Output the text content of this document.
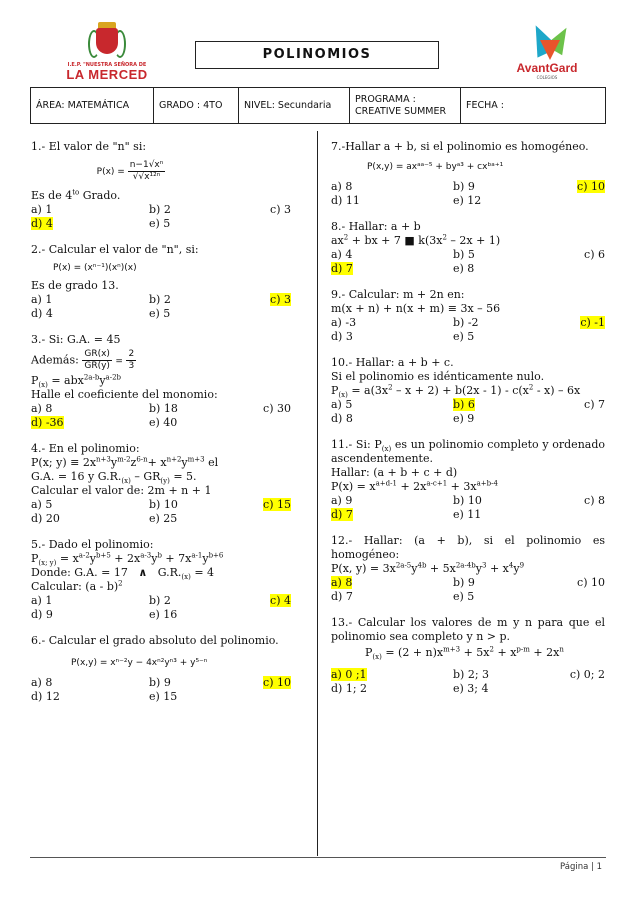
I.E.P. "NUESTRA SEÑORA DE
LA MERCED
POLINOMIOS
AvantGard
COLEGIOS
ÁREA: MATEMÁTICA	GRADO : 4TO	NIVEL: Secundaria	PROGRAMA :
CREATIVE SUMMER	FECHA :

1.- El valor de "n" si:

$P(x) = \frac{\text{n−1√xⁿ}}{\text{√√x¹²ⁿ}}$

Es de $4^{to}$ Grado.

a) 1	b) 2	c) 3
d) 4	e) 5

2.- Calcular el valor de "n", si:

P(x) = (xⁿ⁻¹)(xⁿ)(x)

Es de grado 13.

a) 1	b) 2	c) 3
d) 4	e) 5

3.- Si: G.A. = 45

Además: $\frac{GR(x)}{GR(y)} = \frac{2}{3}$

$P_{(x)} = abx^{2a-b}y^{a-2b}$

Halle el coeficiente del monomio:

a) 8	b) 18	c) 30
d) -36	e) 40

4.- En el polinomio:

P(x; $y) \equiv 2x^{n+3}y^{m-2}z^{6-n}+ x^{n+2}y^{m+3}$ el

G.A. = 16 y $G.R._{(x)} - GR_{(y)} = 5$.

Calcular el valor de: 2m + n + 1

a) 5	b) 10	c) 15
d) 20	e) 25

5.- Dado el polinomio:

$P_{(x; y)} = x^{a-2}y^{b+5} + 2x^{a-3}y^b + 7x^{a-1}y^{b+6}$

Donde: G.A. = 17   ∧   $G.R._{(x)} = 4$

Calcular: (a - b)$^2$

a) 1	b) 2	c) 4
d) 9	e) 16

6.- Calcular el grado absoluto del polinomio.

P(x,y) = xⁿ⁻²y − 4xⁿ²yⁿ³ + y⁵⁻ⁿ

a) 8	b) 9	c) 10
d) 12	e) 15

7.-Hallar a + b, si el polinomio es homogéneo.

P(x,y) = axᵃᵃ⁻⁵ + byᵃ³ + cxᵇᵃ⁺¹

a) 8	b) 9	c) 10
d) 11	e) 12

8.- Hallar: a + b

$ax^2$ + bx + 7 ■ $k(3x^2 - 2x + 1)$

a) 4	b) 5	c) 6
d) 7	e) 8

9.- Calcular: m + 2n en:

m(x + n) + n(x + m) ≡ 3x – 56

a) -3	b) -2	c) -1
d) 3	e) 5

10.- Hallar: a + b + c.

Si el polinomio es idénticamente nulo.

$P_{(x)} = a(3x^2 - x + 2) + b(2x - 1) - c(x^2 - x) - 6x$

a) 5	b) 6	c) 7
d) 8	e) 9

11.- Si: $P_{(x)}$ es un polinomio completo y ordenado ascendentemente.

Hallar: (a + b + c + d)

$P(x) = x^{a+d-1} + 2x^{a-c+1} + 3x^{a+b-4}$

a) 9	b) 10	c) 8
d) 7	e) 11

12.- Hallar: (a + b), si el polinomio es homogéneo:

P(x, $y) = 3x^{2a-5}y^{4b} + 5x^{2a-4b}y^3 + x^4y^9$

a) 8	b) 9	c) 10
d) 7	e) 5

13.- Calcular los valores de m y n para que el polinomio sea completo y n > p.

$P_{(x)} = (2 + n)x^{m+3} + 5x^2 + x^{p-m} + 2x^n$

a) 0 ;1	b) 2; 3	c) 0; 2
d) 1; 2	e) 3; 4
Página | 1
